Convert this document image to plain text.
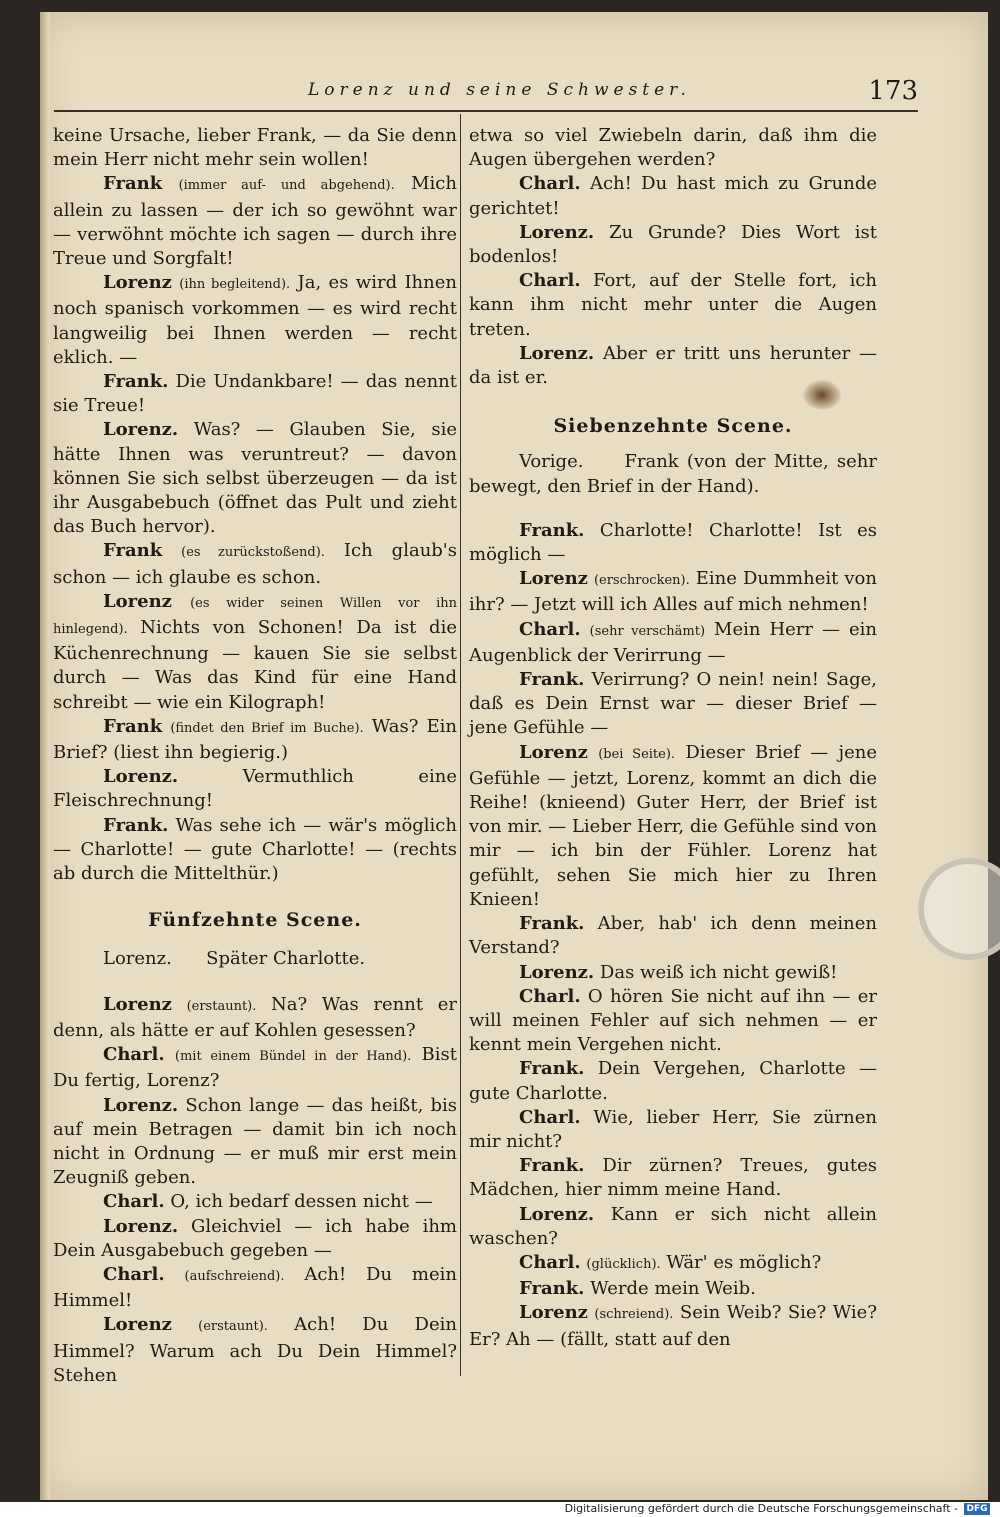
Lorenz und seine Schwester.	173

keine Ursache, lieber Frank, — da Sie denn mein Herr nicht mehr sein wollen!

Frank (immer auf- und abgehend). Mich allein zu lassen — der ich so gewöhnt war — verwöhnt möchte ich sagen — durch ihre Treue und Sorgfalt!

Lorenz (ihn begleitend). Ja, es wird Ihnen noch spanisch vorkommen — es wird recht langweilig bei Ihnen werden — recht eklich. —

Frank. Die Undankbare! — das nennt sie Treue!

Lorenz. Was? — Glauben Sie, sie hätte Ihnen was veruntreut? — davon können Sie sich selbst überzeugen — da ist ihr Ausgabebuch (öffnet das Pult und zieht das Buch hervor).

Frank (es zurückstoßend). Ich glaub's schon — ich glaube es schon.

Lorenz (es wider seinen Willen vor ihn hinlegend). Nichts von Schonen! Da ist die Küchenrechnung — kauen Sie sie selbst durch — Was das Kind für eine Hand schreibt — wie ein Kilograph!

Frank (findet den Brief im Buche). Was? Ein Brief? (liest ihn begierig.)

Lorenz. Vermuthlich eine Fleischrechnung!

Frank. Was sehe ich — wär's möglich — Charlotte! — gute Charlotte! — (rechts ab durch die Mittelthür.)

Fünfzehnte Scene.

Lorenz.      Später Charlotte.

Lorenz (erstaunt). Na? Was rennt er denn, als hätte er auf Kohlen gesessen?

Charl. (mit einem Bündel in der Hand). Bist Du fertig, Lorenz?

Lorenz. Schon lange — das heißt, bis auf mein Betragen — damit bin ich noch nicht in Ordnung — er muß mir erst mein Zeugniß geben.

Charl. O, ich bedarf dessen nicht —

Lorenz. Gleichviel — ich habe ihm Dein Ausgabebuch gegeben —

Charl. (aufschreiend). Ach! Du mein Himmel!

Lorenz (erstaunt). Ach! Du Dein Himmel? Warum ach Du Dein Himmel? Stehen

etwa so viel Zwiebeln darin, daß ihm die Augen übergehen werden?

Charl. Ach! Du hast mich zu Grunde gerichtet!

Lorenz. Zu Grunde? Dies Wort ist bodenlos!

Charl. Fort, auf der Stelle fort, ich kann ihm nicht mehr unter die Augen treten.

Lorenz. Aber er tritt uns herunter — da ist er.

Siebenzehnte Scene.

Vorige.     Frank (von der Mitte, sehr bewegt, den Brief in der Hand).

Frank. Charlotte! Charlotte! Ist es möglich —

Lorenz (erschrocken). Eine Dummheit von ihr? — Jetzt will ich Alles auf mich nehmen!

Charl. (sehr verschämt) Mein Herr — ein Augenblick der Verirrung —

Frank. Verirrung? O nein! nein! Sage, daß es Dein Ernst war — dieser Brief — jene Gefühle —

Lorenz (bei Seite). Dieser Brief — jene Gefühle — jetzt, Lorenz, kommt an dich die Reihe! (knieend) Guter Herr, der Brief ist von mir. — Lieber Herr, die Gefühle sind von mir — ich bin der Fühler. Lorenz hat gefühlt, sehen Sie mich hier zu Ihren Knieen!

Frank. Aber, hab' ich denn meinen Verstand?

Lorenz. Das weiß ich nicht gewiß!

Charl. O hören Sie nicht auf ihn — er will meinen Fehler auf sich nehmen — er kennt mein Vergehen nicht.

Frank. Dein Vergehen, Charlotte — gute Charlotte.

Charl. Wie, lieber Herr, Sie zürnen mir nicht?

Frank. Dir zürnen? Treues, gutes Mädchen, hier nimm meine Hand.

Lorenz. Kann er sich nicht allein waschen?

Charl. (glücklich). Wär' es möglich?

Frank. Werde mein Weib.

Lorenz (schreiend). Sein Weib? Sie? Wie? Er? Ah — (fällt, statt auf den

Digitalisierung gefördert durch die Deutsche Forschungsgemeinschaft - DFG
